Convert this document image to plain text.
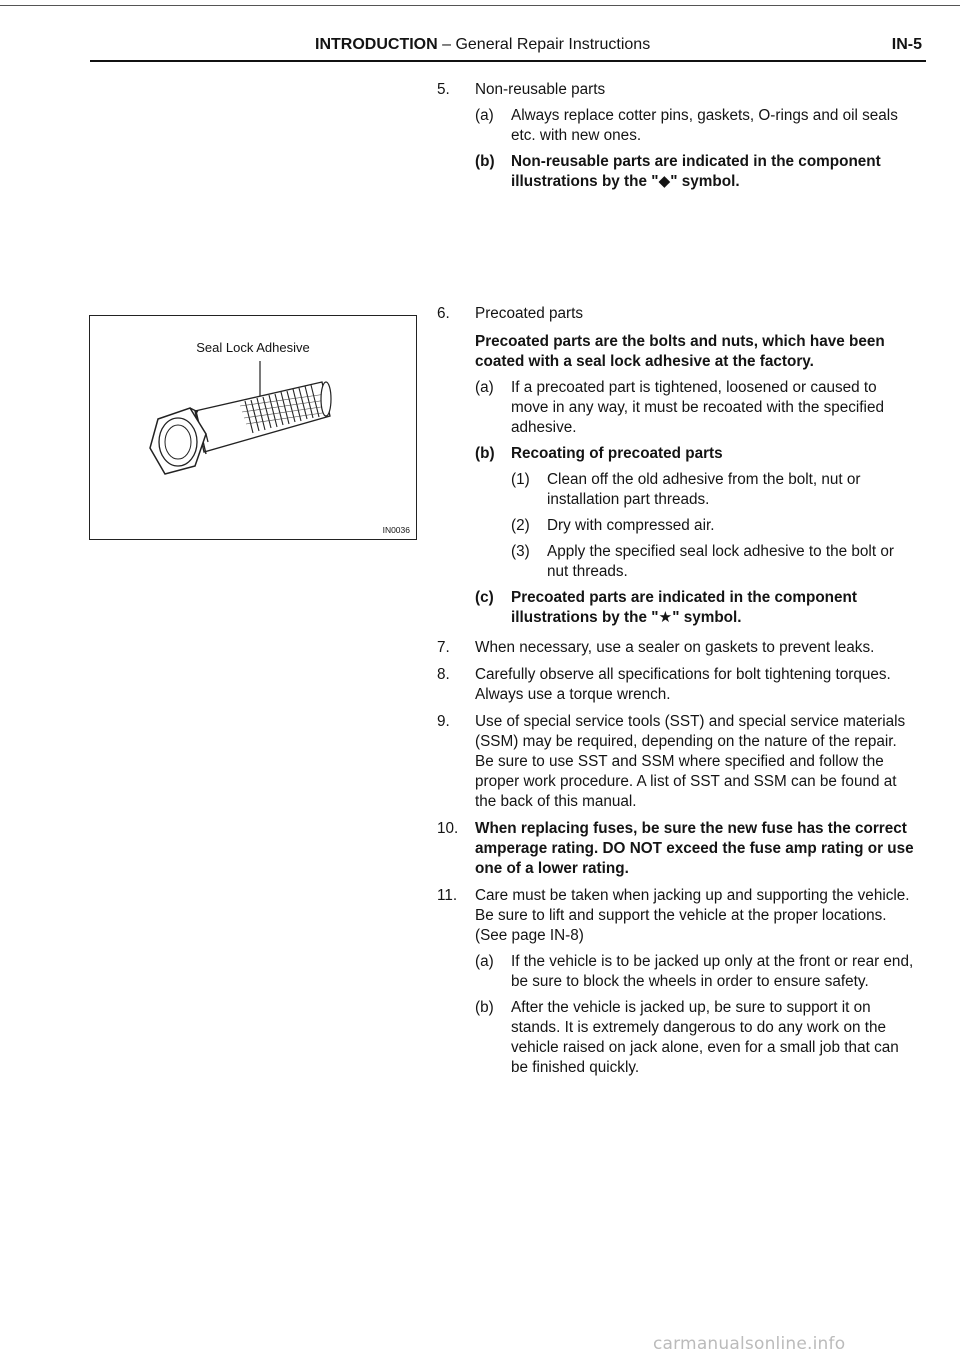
INTRODUCTION – General Repair Instructions	IN-5
Seal Lock Adhesive
IN0036
5.	Non-reusable parts

(a)	Always replace cotter pins, gaskets, O-rings and oil seals etc. with new ones.
(b)	Non-reusable parts are indicated in the component illustrations by the "◆" symbol.
6.	Precoated parts

Precoated parts are the bolts and nuts, which have been coated with a seal lock adhesive at the factory.

(a)	If a precoated part is tightened, loosened or caused to move in any way, it must be recoated with the specified adhesive.
(b)	Recoating of precoated parts
(1)	Clean off the old adhesive from the bolt, nut or installation part threads.
(2)	Dry with compressed air.
(3)	Apply the specified seal lock adhesive to the bolt or nut threads.
(c)	Precoated parts are indicated in the component illustrations by the "★" symbol.
7.	When necessary, use a sealer on gaskets to prevent leaks.

8.	Carefully observe all specifications for bolt tightening torques. Always use a torque wrench.

9.	Use of special service tools (SST) and special service materials (SSM) may be required, depending on the nature of the repair. Be sure to use SST and SSM where specified and follow the proper work procedure. A list of SST and SSM can be found at the back of this manual.

10.	When replacing fuses, be sure the new fuse has the correct amperage rating. DO NOT exceed the fuse amp rating or use one of a lower rating.

11.	Care must be taken when jacking up and supporting the vehicle. Be sure to lift and support the vehicle at the proper locations. (See page IN-8)

(a)	If the vehicle is to be jacked up only at the front or rear end, be sure to block the wheels in order to ensure safety.
(b)	After the vehicle is jacked up, be sure to support it on stands. It is extremely dangerous to do any work on the vehicle raised on jack alone, even for a small job that can be finished quickly.
carmanualsonline.info
